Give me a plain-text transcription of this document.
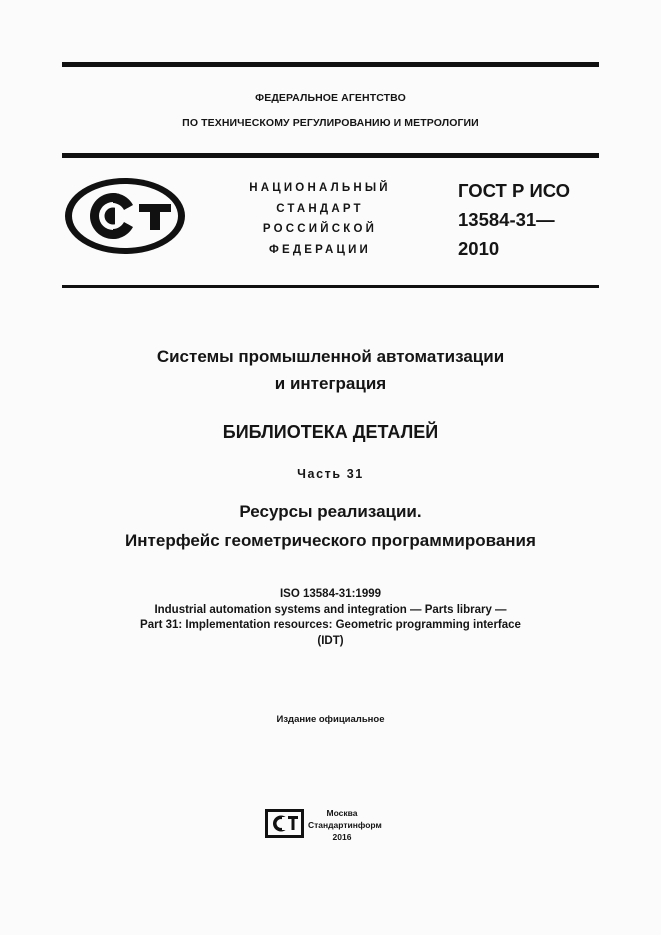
ФЕДЕРАЛЬНОЕ АГЕНТСТВО
ПО ТЕХНИЧЕСКОМУ РЕГУЛИРОВАНИЮ И МЕТРОЛОГИИ
НАЦИОНАЛЬНЫЙ
СТАНДАРТ
РОССИЙСКОЙ
ФЕДЕРАЦИИ
ГОСТ Р ИСО
13584-31—
2010
Системы промышленной автоматизации
и интеграция
БИБЛИОТЕКА ДЕТАЛЕЙ
Часть 31
Ресурсы реализации.
Интерфейс геометрического программирования
ISO 13584-31:1999
Industrial automation systems and integration — Parts library —
Part 31: Implementation resources: Geometric programming interface
(IDT)
Издание официальное
Москва
Стандартинформ
2016
